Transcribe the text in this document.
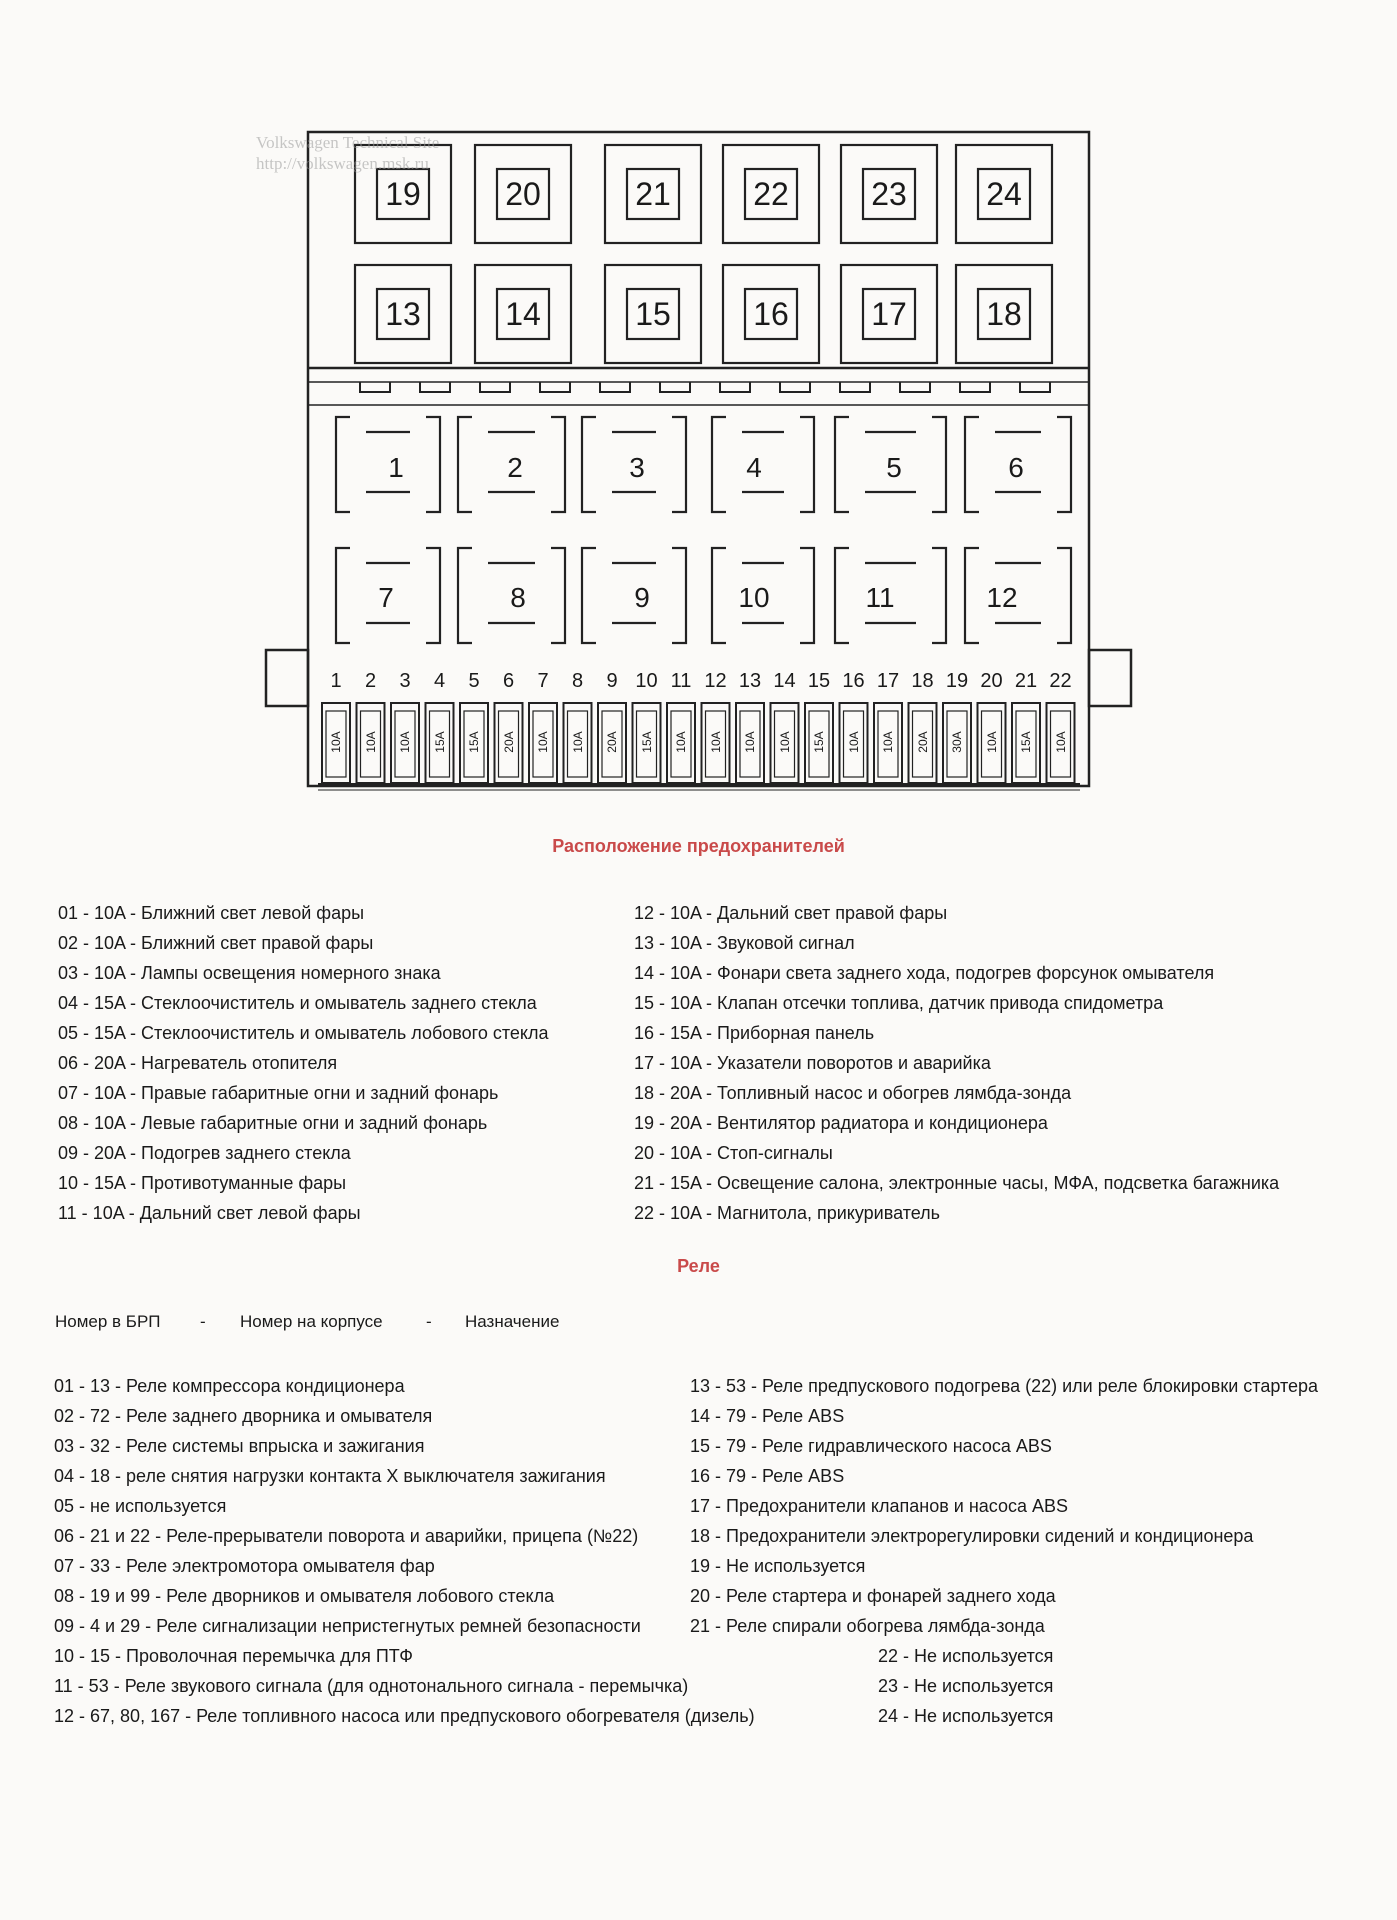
Volkswagen Technical Site
http://volkswagen.msk.ru
19	20	21	22	23	24
13	14	15	16	17	18
1	2	3	4	5	6
7	8	9	10	11	12
1
10A
2
10A
3
10A
4
15A
5
15A
6
20A
7
10A
8
10A
9
20A
10
15A
11
10A
12
10A
13
10A
14
10A
15
15A
16
10A
17
10A
18
20A
19
30A
20
10A
21
15A
22
10A
Расположение предохранителей
01 - 10A - Ближний свет левой фары
02 - 10A - Ближний свет правой фары
03 - 10A - Лампы освещения номерного знака
04 - 15A - Стеклоочиститель и омыватель заднего стекла
05 - 15A - Стеклоочиститель и омыватель лобового стекла
06 - 20A - Нагреватель отопителя
07 - 10A - Правые габаритные огни и задний фонарь
08 - 10A - Левые габаритные огни и задний фонарь
09 - 20A - Подогрев заднего стекла
10 - 15A - Противотуманные фары
11 - 10A - Дальний свет левой фары
12 - 10A - Дальний свет правой фары
13 - 10A - Звуковой сигнал
14 - 10A - Фонари света заднего хода, подогрев форсунок омывателя
15 - 10A - Клапан отсечки топлива, датчик привода спидометра
16 - 15A - Приборная панель
17 - 10A - Указатели поворотов и аварийка
18 - 20A - Топливный насос и обогрев лямбда-зонда
19 - 20A - Вентилятор радиатора и кондиционера
20 - 10A - Стоп-сигналы
21 - 15A - Освещение салона, электронные часы, МФА, подсветка багажника
22 - 10A - Магнитола, прикуриватель
Реле
Номер в БРП - Номер на корпусе	- Назначение
01 - 13 - Реле компрессора кондиционера
02 - 72 - Реле заднего дворника и омывателя
03 - 32 - Реле системы впрыска и зажигания
04 - 18 - реле снятия нагрузки контакта X выключателя зажигания
05 - не используется
06 - 21 и 22 - Реле-прерыватели поворота и аварийки, прицепа (№22)
07 - 33 - Реле электромотора омывателя фар
08 - 19 и 99 - Реле дворников и омывателя лобового стекла
09 - 4 и 29 - Реле сигнализации непристегнутых ремней безопасности
10 - 15 - Проволочная перемычка для ПТФ
11 - 53 - Реле звукового сигнала (для однотонального сигнала - перемычка)
12 - 67, 80, 167 - Реле топливного насоса или предпускового обогревателя (дизель)
13 - 53 - Реле предпускового подогрева (22) или реле блокировки стартера
14 - 79 - Реле ABS
15 - 79 - Реле гидравлического насоса ABS
16 - 79 - Реле ABS
17 - Предохранители клапанов и насоса ABS
18 - Предохранители электрорегулировки сидений и кондиционера
19 - Не используется
20 - Реле стартера и фонарей заднего хода
21 - Реле спирали обогрева лямбда-зонда
22 - Не используется
23 - Не используется
24 - Не используется
